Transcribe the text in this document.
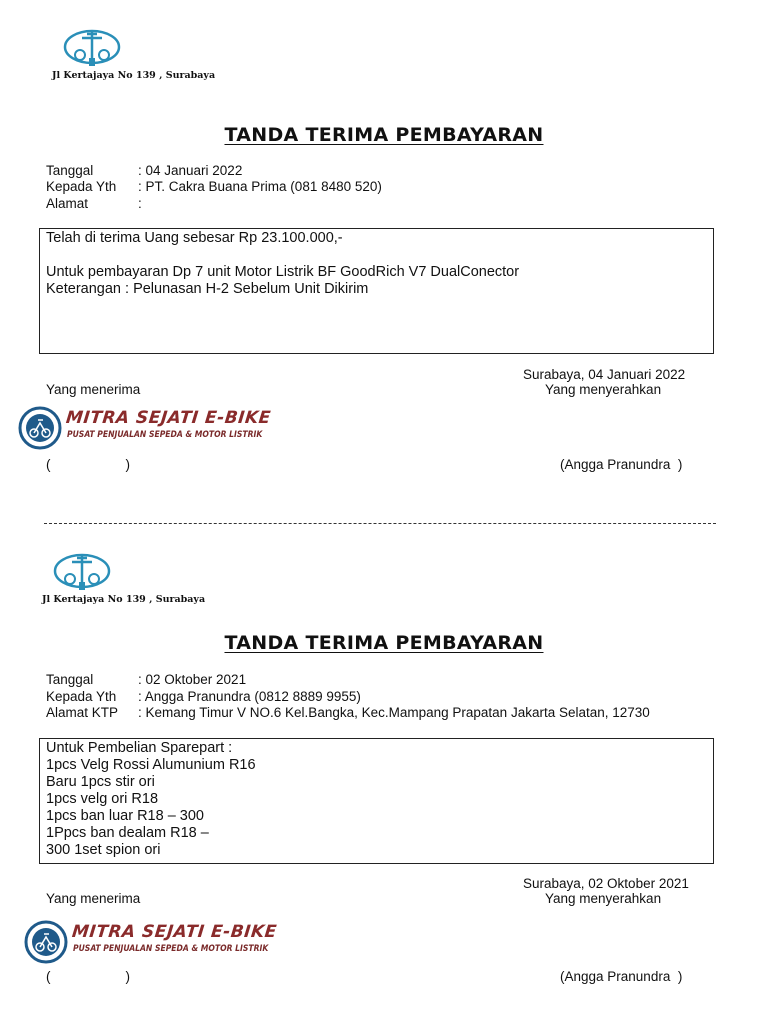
Jl Kertajaya No 139 , Surabaya
TANDA TERIMA PEMBAYARAN
Tanggal	: 04 Januari 2022
Kepada Yth : PT. Cakra Buana Prima (081 8480 520)
Alamat	:
Telah di terima Uang sebesar Rp 23.100.000,-
Untuk pembayaran Dp 7 unit Motor Listrik BF GoodRich V7 DualConector
Keterangan : Pelunasan H-2 Sebelum Unit Dikirim
Surabaya, 04 Januari 2022
Yang menerima	Yang menyerahkan
MITRA SEJATI E-BIKE
PUSAT PENJUALAN SEPEDA & MOTOR LISTRIK
(                    )	(Angga Pranundra  )
Jl Kertajaya No 139 , Surabaya
TANDA TERIMA PEMBAYARAN
Tanggal	: 02 Oktober 2021
Kepada Yth : Angga Pranundra (0812 8889 9955)
Alamat KTP : Kemang Timur V NO.6 Kel.Bangka, Kec.Mampang Prapatan Jakarta Selatan, 12730
Untuk Pembelian Sparepart :
1pcs Velg Rossi Alumunium R16
Baru 1pcs stir ori
1pcs velg ori R18
1pcs ban luar R18 – 300
1Ppcs ban dealam R18 –
300 1set spion ori
Surabaya, 02 Oktober 2021
Yang menerima	Yang menyerahkan
MITRA SEJATI E-BIKE
PUSAT PENJUALAN SEPEDA & MOTOR LISTRIK
(                    )	(Angga Pranundra  )
